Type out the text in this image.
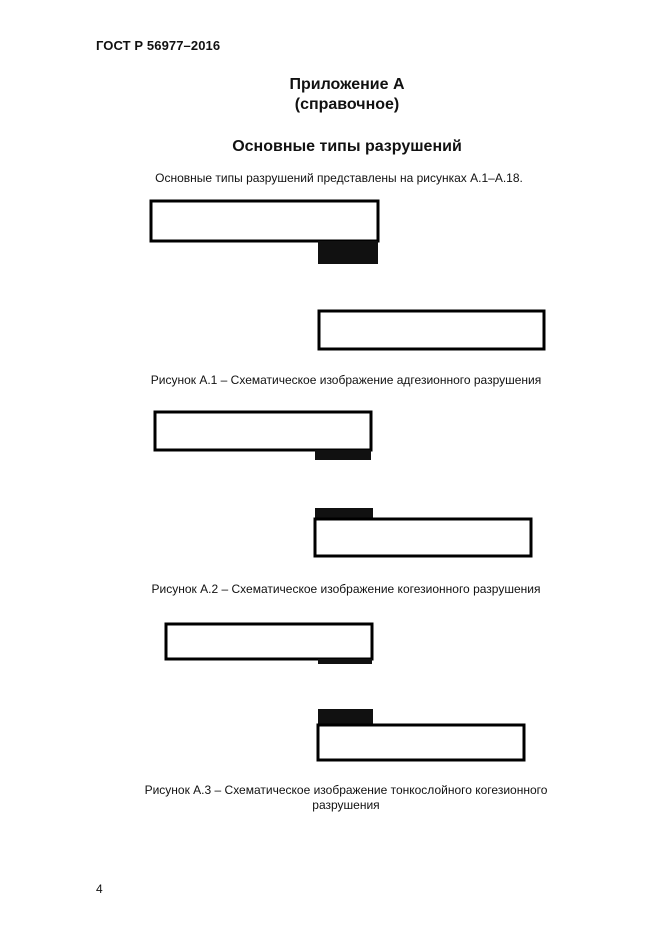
ГОСТ Р 56977–2016
Приложение А
(справочное)
Основные типы разрушений
Основные типы разрушений представлены на рисунках А.1–А.18.
Рисунок А.1 – Схематическое изображение адгезионного разрушения
Рисунок А.2 – Схематическое изображение когезионного разрушения
Рисунок А.3 – Схематическое изображение тонкослойного когезионного
разрушения
4
